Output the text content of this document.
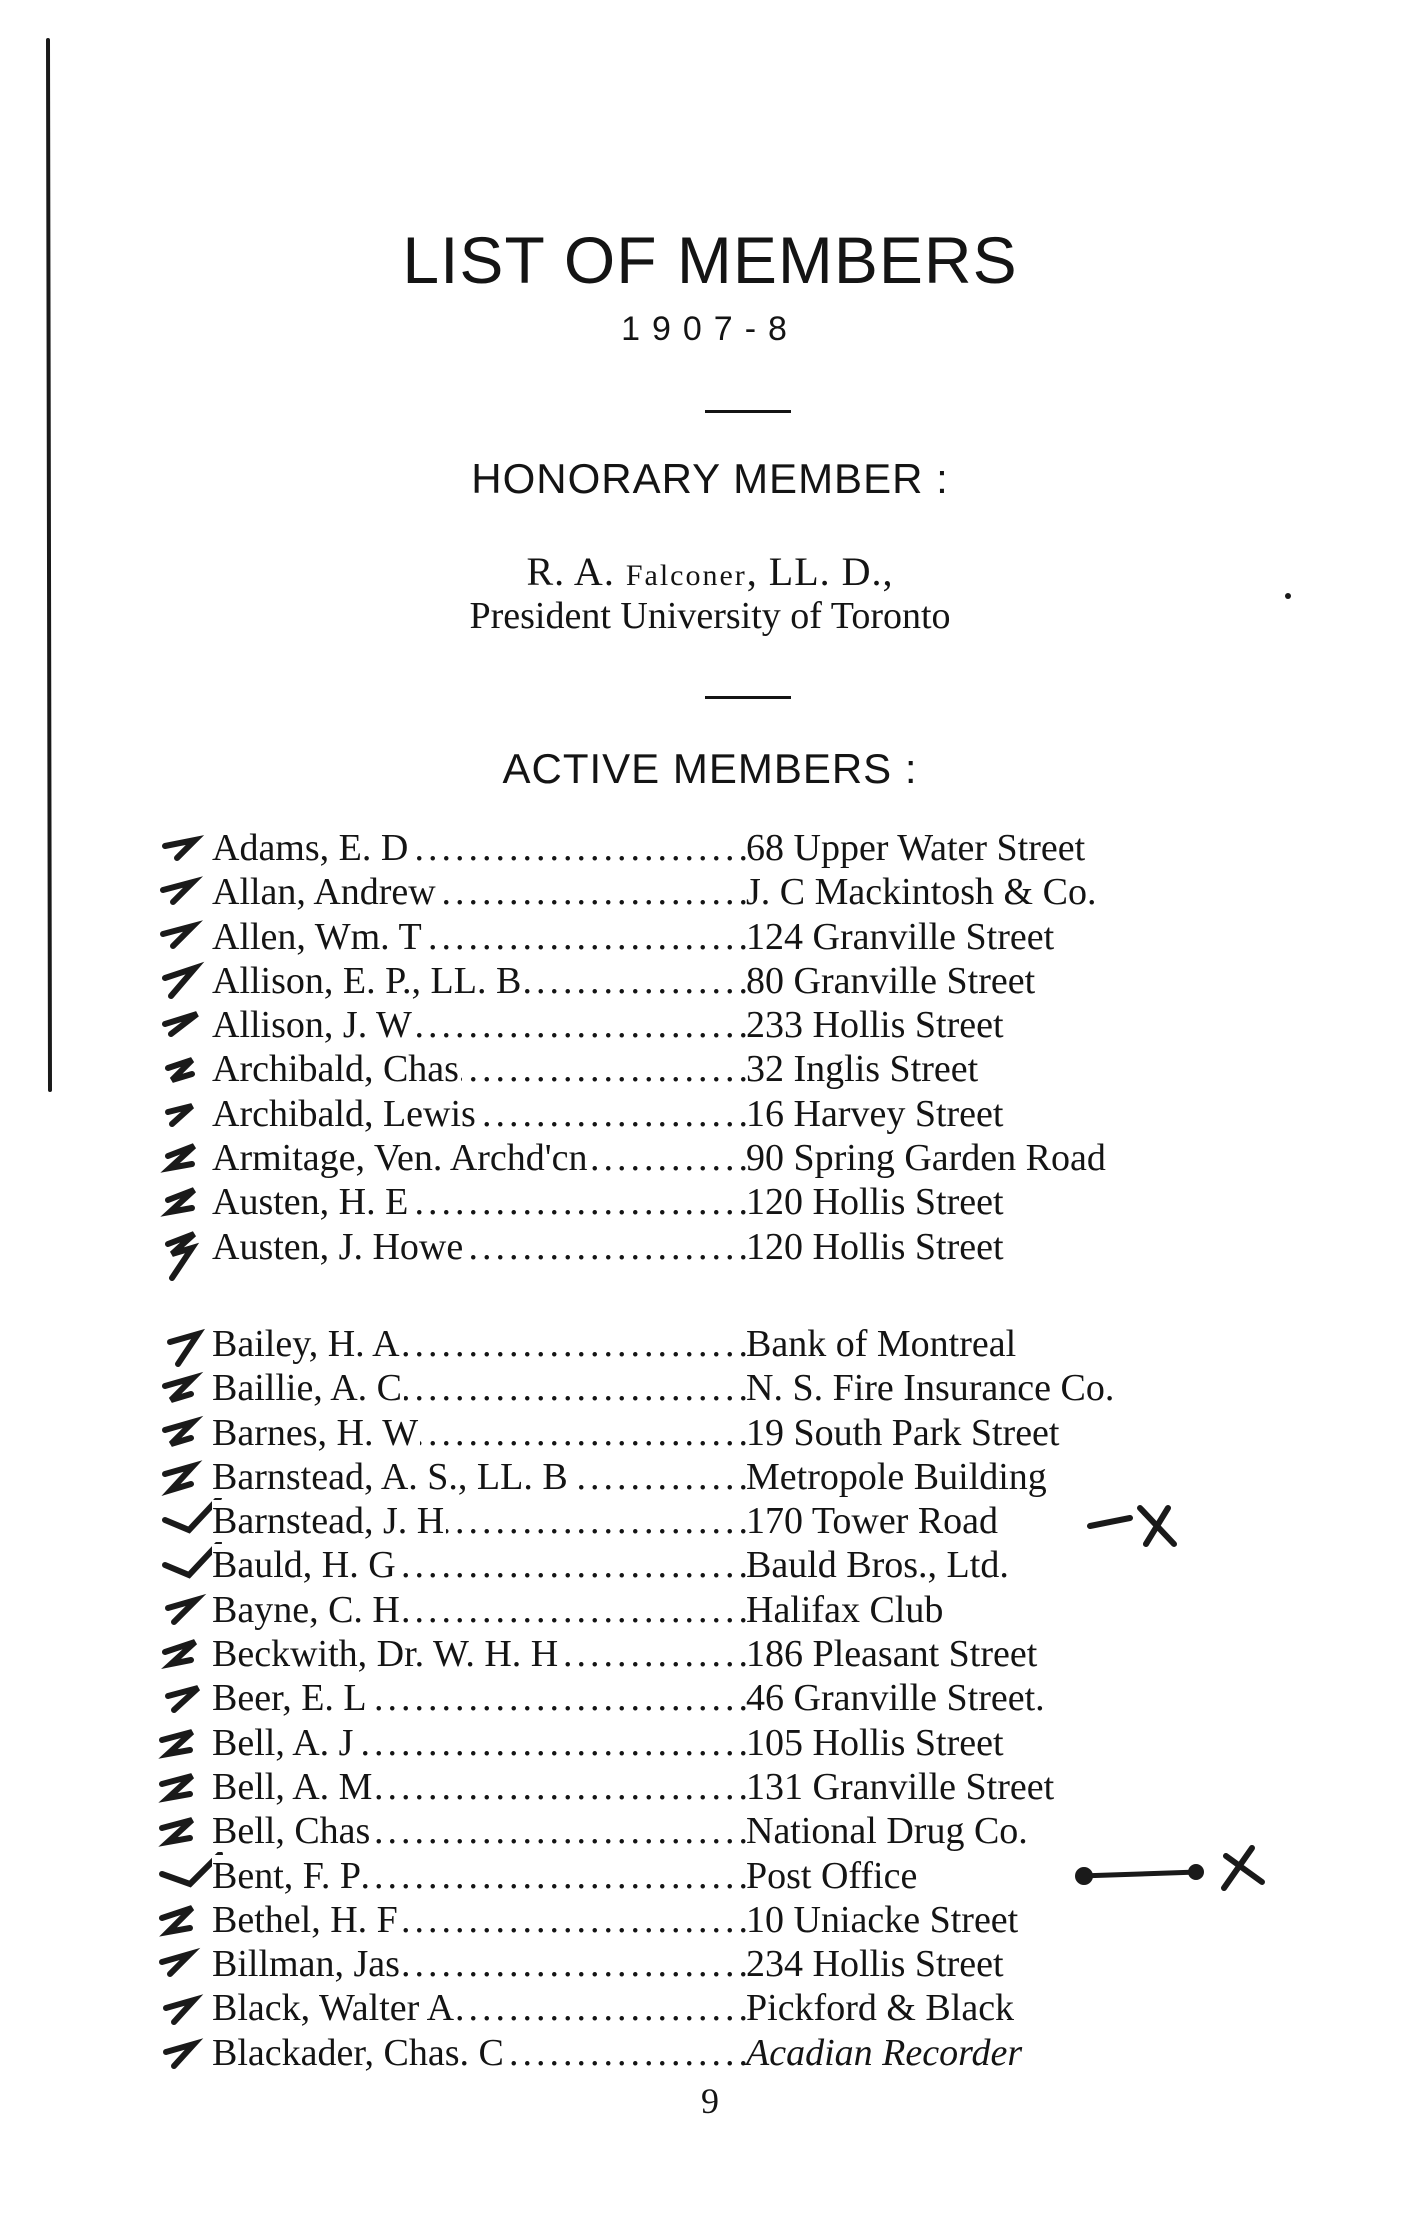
LIST OF MEMBERS
1907-8
HONORARY MEMBER :
R. A. Falconer, LL. D.,
President University of Toronto
ACTIVE MEMBERS :
Adams, E. D .....	68 Upper Water Street
Allan, Andrew .....	J. C Mackintosh & Co.
Allen, Wm. T .....	124 Granville Street
Allison, E. P., LL. B .....	80 Granville Street
Allison, J. W .....	233 Hollis Street
Archibald, Chas .....	32 Inglis Street
Archibald, Lewis .....	16 Harvey Street
Armitage, Ven. Archd'cn .....	90 Spring Garden Road
Austen, H. E .....	120 Hollis Street
Austen, J. Howe .....	120 Hollis Street
Bailey, H. A .....	Bank of Montreal
Baillie, A. C .....	N. S. Fire Insurance Co.
Barnes, H. W .....	19 South Park Street
Barnstead, A. S., LL. B .....	Metropole Building
Barnstead, J. H .....	170 Tower Road
Bauld, H. G .....	Bauld Bros., Ltd.
Bayne, C. H .....	Halifax Club
Beckwith, Dr. W. H. H .....	186 Pleasant Street
Beer, E. L .....	46 Granville Street.
Bell, A. J .....	105 Hollis Street
Bell, A. M .....	131 Granville Street
Bell, Chas .....	National Drug Co.
Bent, F. P .....	Post Office
Bethel, H. F .....	10 Uniacke Street
Billman, Jas .....	234 Hollis Street
Black, Walter A .....	Pickford & Black
Blackader, Chas. C .....	Acadian Recorder
9
